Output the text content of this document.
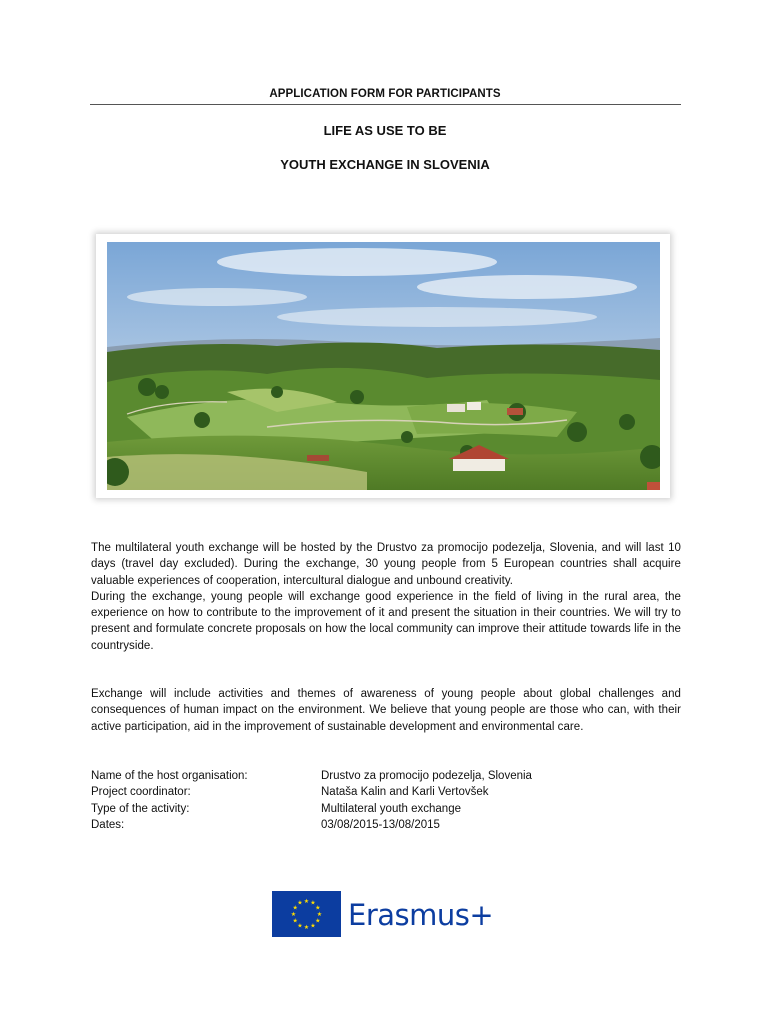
APPLICATION FORM FOR PARTICIPANTS
LIFE AS USE TO BE
YOUTH EXCHANGE IN SLOVENIA
The multilateral youth exchange will be hosted by the Drustvo za promocijo podezelja, Slovenia, and will last 10 days (travel day excluded). During the exchange, 30 young people from 5 European countries shall acquire valuable experiences of cooperation, intercultural dialogue and unbound creativity.
During the exchange, young people will exchange good experience in the field of living in the rural area, the experience on how to contribute to the improvement of it and present the situation in their countries. We will try to present and formulate concrete proposals on how the local community can improve their attitude towards life in the countryside.
Exchange will include activities and themes of awareness of young people about global challenges and consequences of human impact on the environment. We believe that young people are those who can, with their active participation, aid in the improvement of sustainable development and environmental care.
Name of the host organisation:	Drustvo za promocijo podezelja, Slovenia
Project coordinator:	Nataša Kalin and Karli Vertovšek
Type of the activity:	Multilateral youth exchange
Dates:	03/08/2015-13/08/2015
★ ★
★
★
★
★
★
★
★
★
★
★ Erasmus+
